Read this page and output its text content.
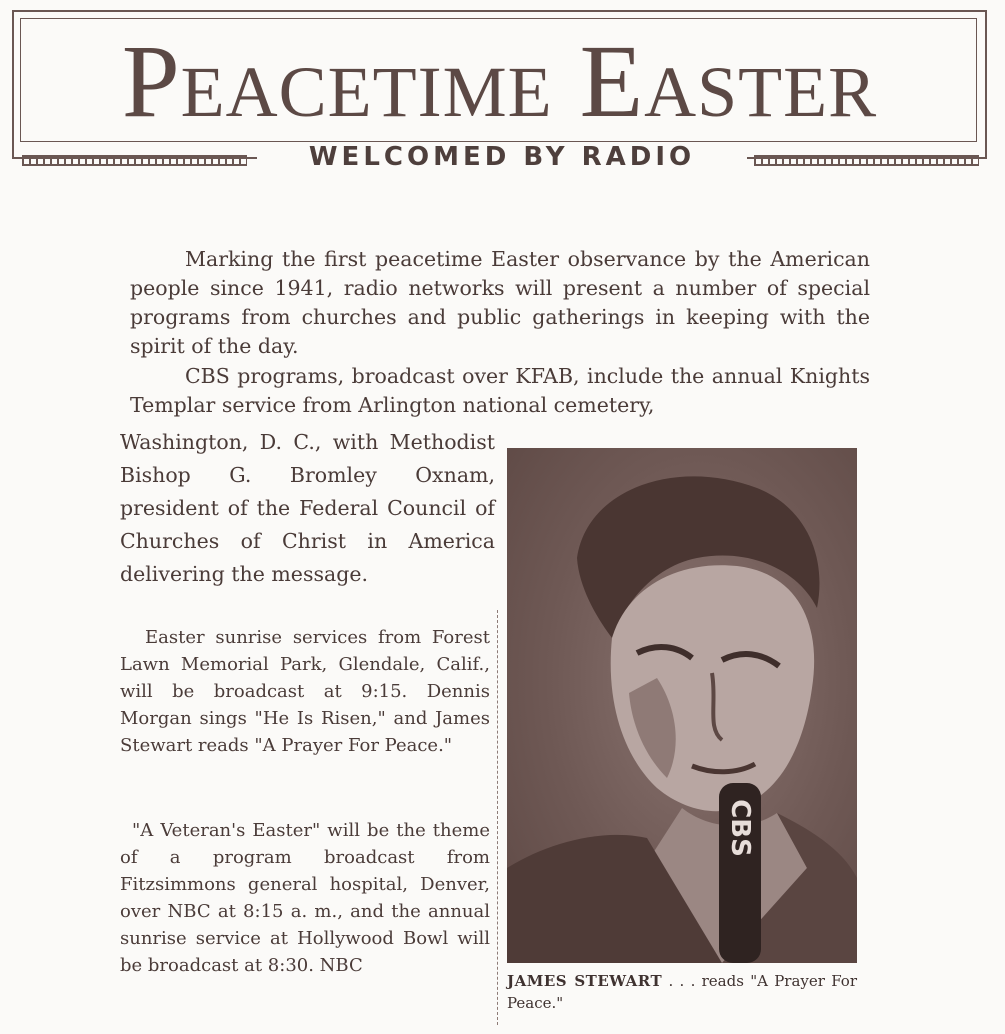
PEACETIME EASTER
WELCOMED BY RADIO

Marking the first peacetime Easter observance by the American people since 1941, radio networks will present a number of special programs from churches and public gatherings in keeping with the spirit of the day.

CBS programs, broadcast over KFAB, include the annual Knights Templar service from Arlington national cemetery,

Washington, D. C., with Methodist Bishop G. Bromley Oxnam, president of the Federal Council of Churches of Christ in America delivering the message.

Easter sunrise services from Forest Lawn Memorial Park, Glendale, Calif., will be broadcast at 9:15. Dennis Morgan sings "He Is Risen," and James Stewart reads "A Prayer For Peace."

"A Veteran's Easter" will be the theme of a program broadcast from Fitzsimmons general hospital, Denver, over NBC at 8:15 a. m., and the annual sunrise service at Hollywood Bowl will be broadcast at 8:30. NBC

CBS

JAMES STEWART . . . reads "A Prayer For Peace."
